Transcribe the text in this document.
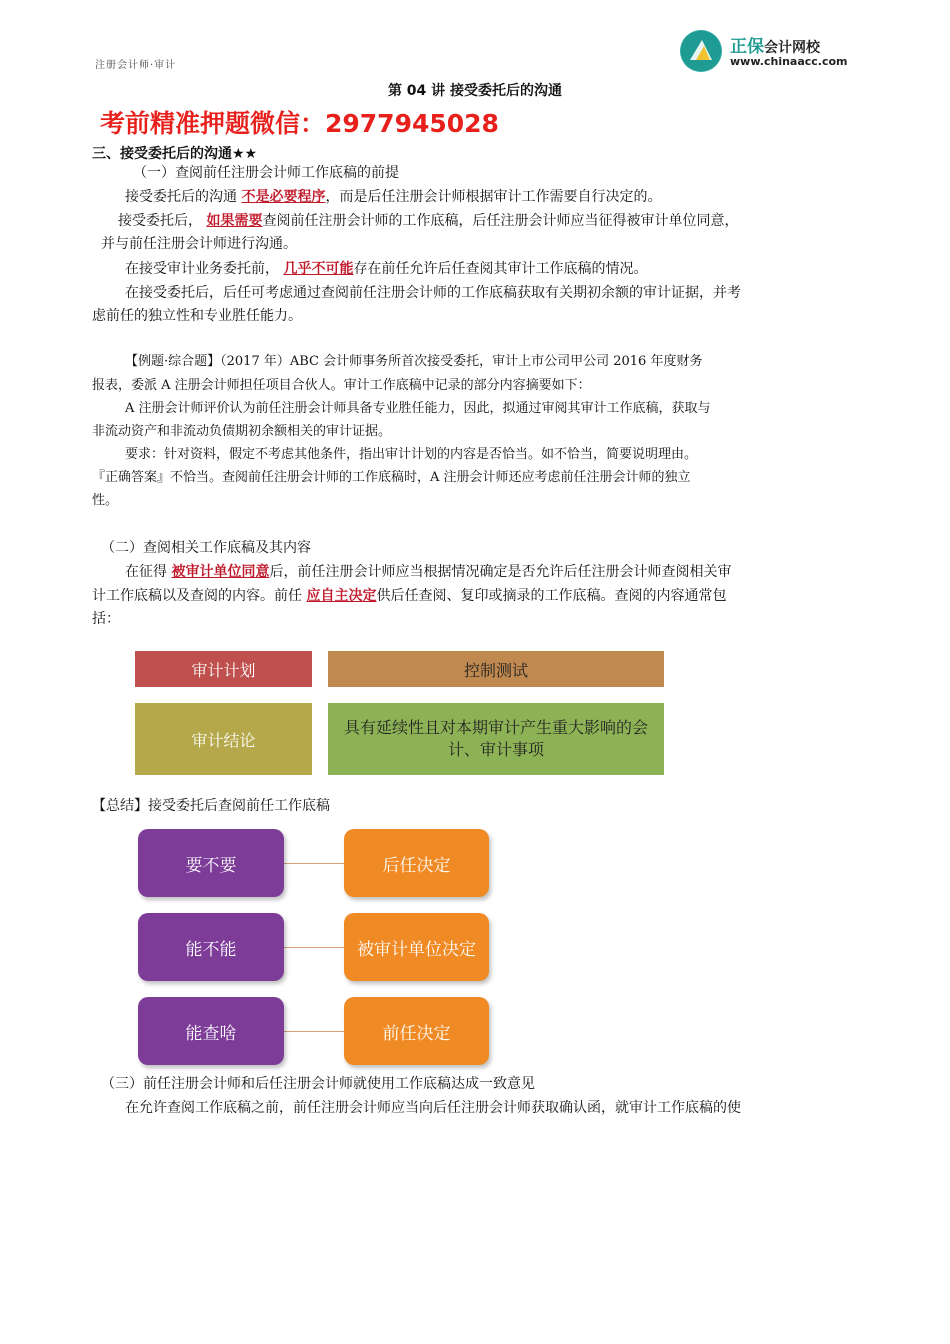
正保会计网校
www.chinaacc.com
注册会计师·审计
第 04 讲 接受委托后的沟通
考前精准押题微信：2977945028
三、接受委托后的沟通★★
（一）查阅前任注册会计师工作底稿的前提
接受委托后的沟通 不是必要程序，而是后任注册会计师根据审计工作需要自行决定的。
接受委托后， 如果需要查阅前任注册会计师的工作底稿，后任注册会计师应当征得被审计单位同意，
并与前任注册会计师进行沟通。
在接受审计业务委托前， 几乎不可能存在前任允许后任查阅其审计工作底稿的情况。
在接受委托后，后任可考虑通过查阅前任注册会计师的工作底稿获取有关期初余额的审计证据，并考
虑前任的独立性和专业胜任能力。
【例题·综合题】（2017 年）ABC 会计师事务所首次接受委托，审计上市公司甲公司 2016 年度财务
报表，委派 A 注册会计师担任项目合伙人。审计工作底稿中记录的部分内容摘要如下：
A 注册会计师评价认为前任注册会计师具备专业胜任能力，因此，拟通过审阅其审计工作底稿，获取与
非流动资产和非流动负债期初余额相关的审计证据。
要求：针对资料，假定不考虑其他条件，指出审计计划的内容是否恰当。如不恰当，简要说明理由。
『正确答案』不恰当。查阅前任注册会计师的工作底稿时，A 注册会计师还应考虑前任注册会计师的独立
性。
（二）查阅相关工作底稿及其内容
在征得 被审计单位同意后，前任注册会计师应当根据情况确定是否允许后任注册会计师查阅相关审
计工作底稿以及查阅的内容。前任 应自主决定供后任查阅、复印或摘录的工作底稿。查阅的内容通常包
括：
审计计划	控制测试
审计结论
具有延续性且对本期审计产生重大影响的会计、审计事项
【总结】接受委托后查阅前任工作底稿
要不要	后任决定
能不能	被审计单位决定
能查啥	前任决定
（三）前任注册会计师和后任注册会计师就使用工作底稿达成一致意见
在允许查阅工作底稿之前，前任注册会计师应当向后任注册会计师获取确认函，就审计工作底稿的使
